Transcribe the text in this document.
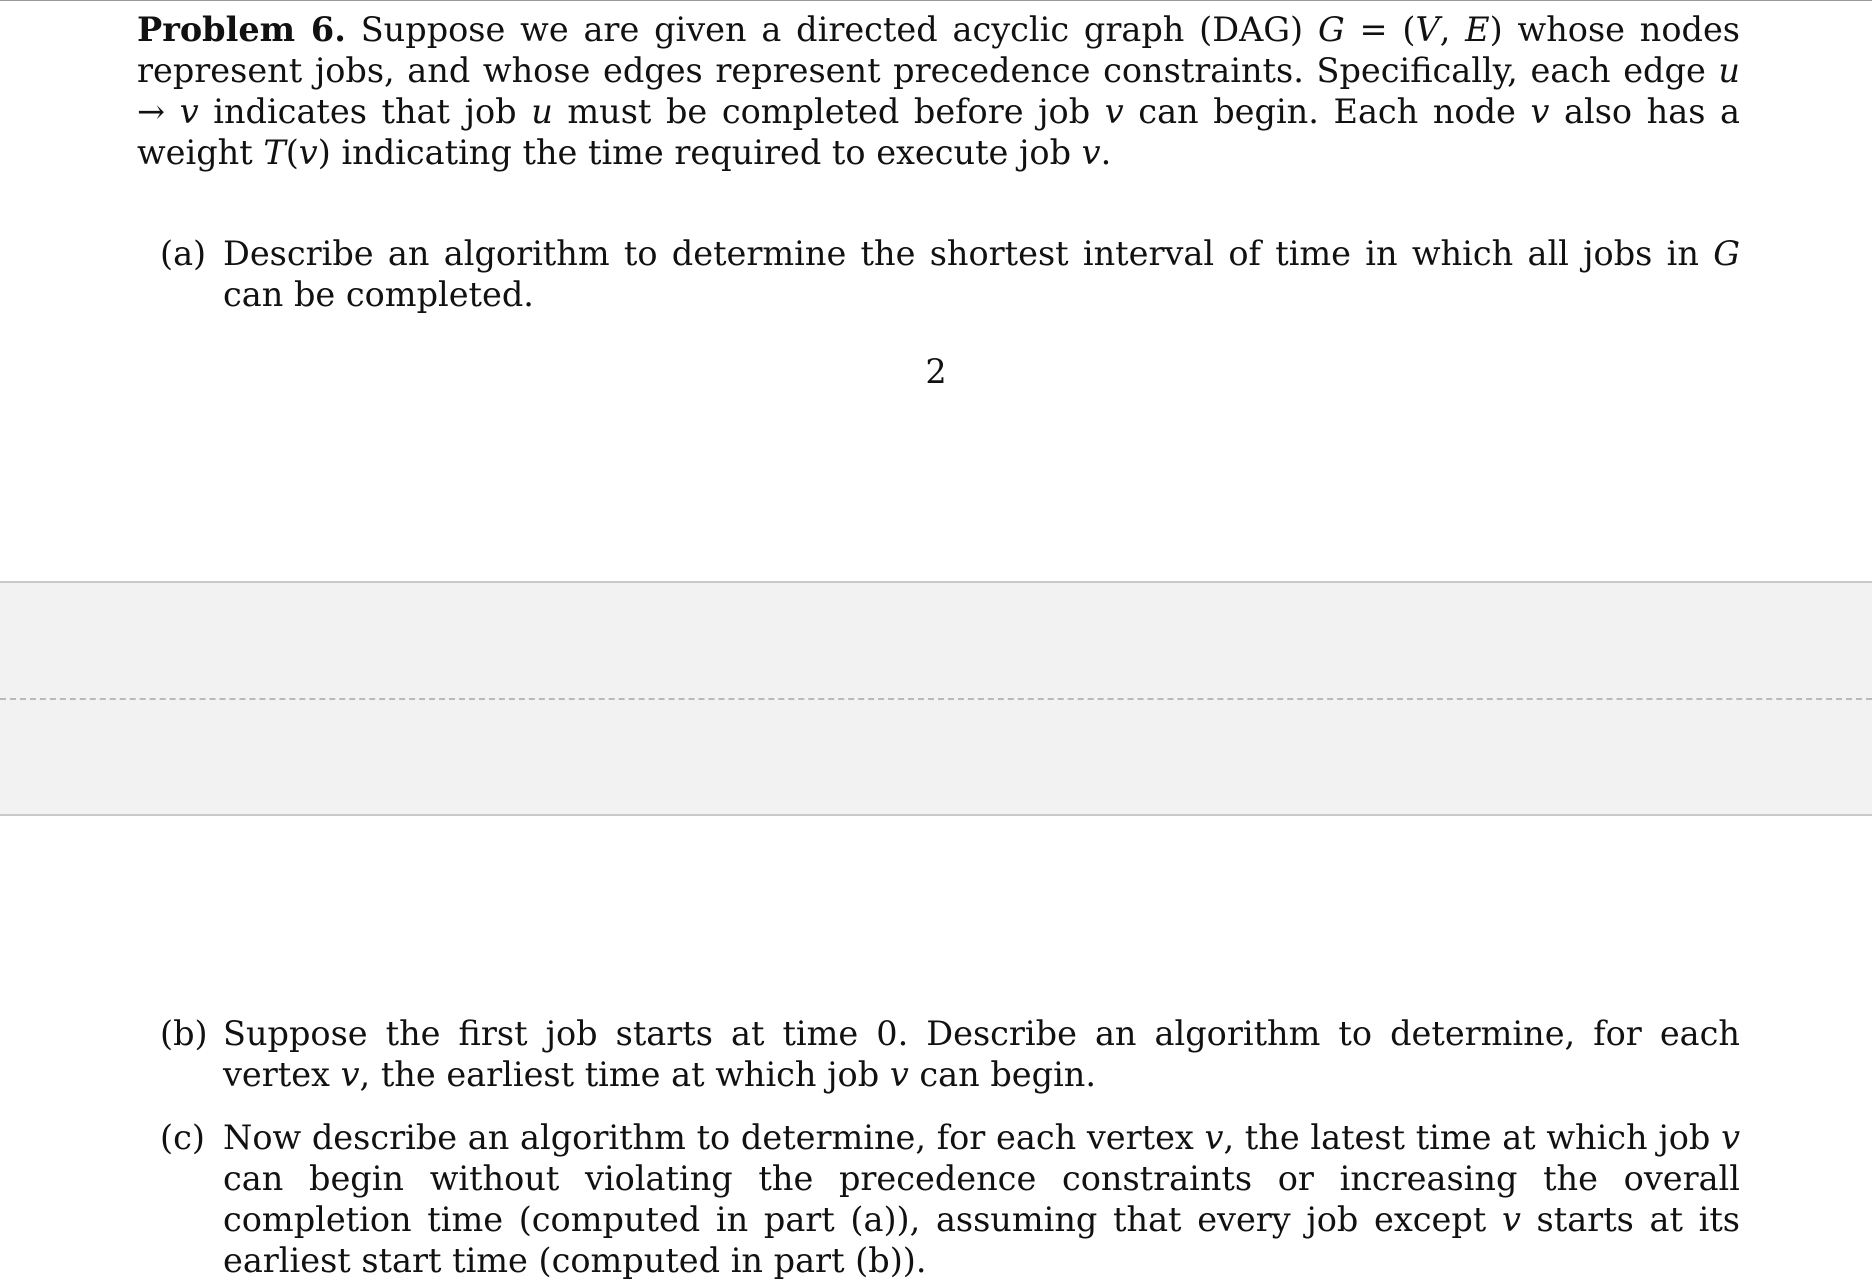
Problem 6. Suppose we are given a directed acyclic graph (DAG) G = (V, E) whose nodes represent jobs, and whose edges represent precedence constraints. Specifically, each edge u → v indicates that job u must be completed before job v can begin. Each node v also has a weight T(v) indicating the time required to execute job v.
(a) Describe an algorithm to determine the shortest interval of time in which all jobs in G can be completed.
2
(b) Suppose the first job starts at time 0. Describe an algorithm to determine, for each vertex v, the earliest time at which job v can begin.
(c) Now describe an algorithm to determine, for each vertex v, the latest time at which job v can begin without violating the precedence constraints or increasing the overall completion time (computed in part (a)), assuming that every job except v starts at its earliest start time (computed in part (b)).
